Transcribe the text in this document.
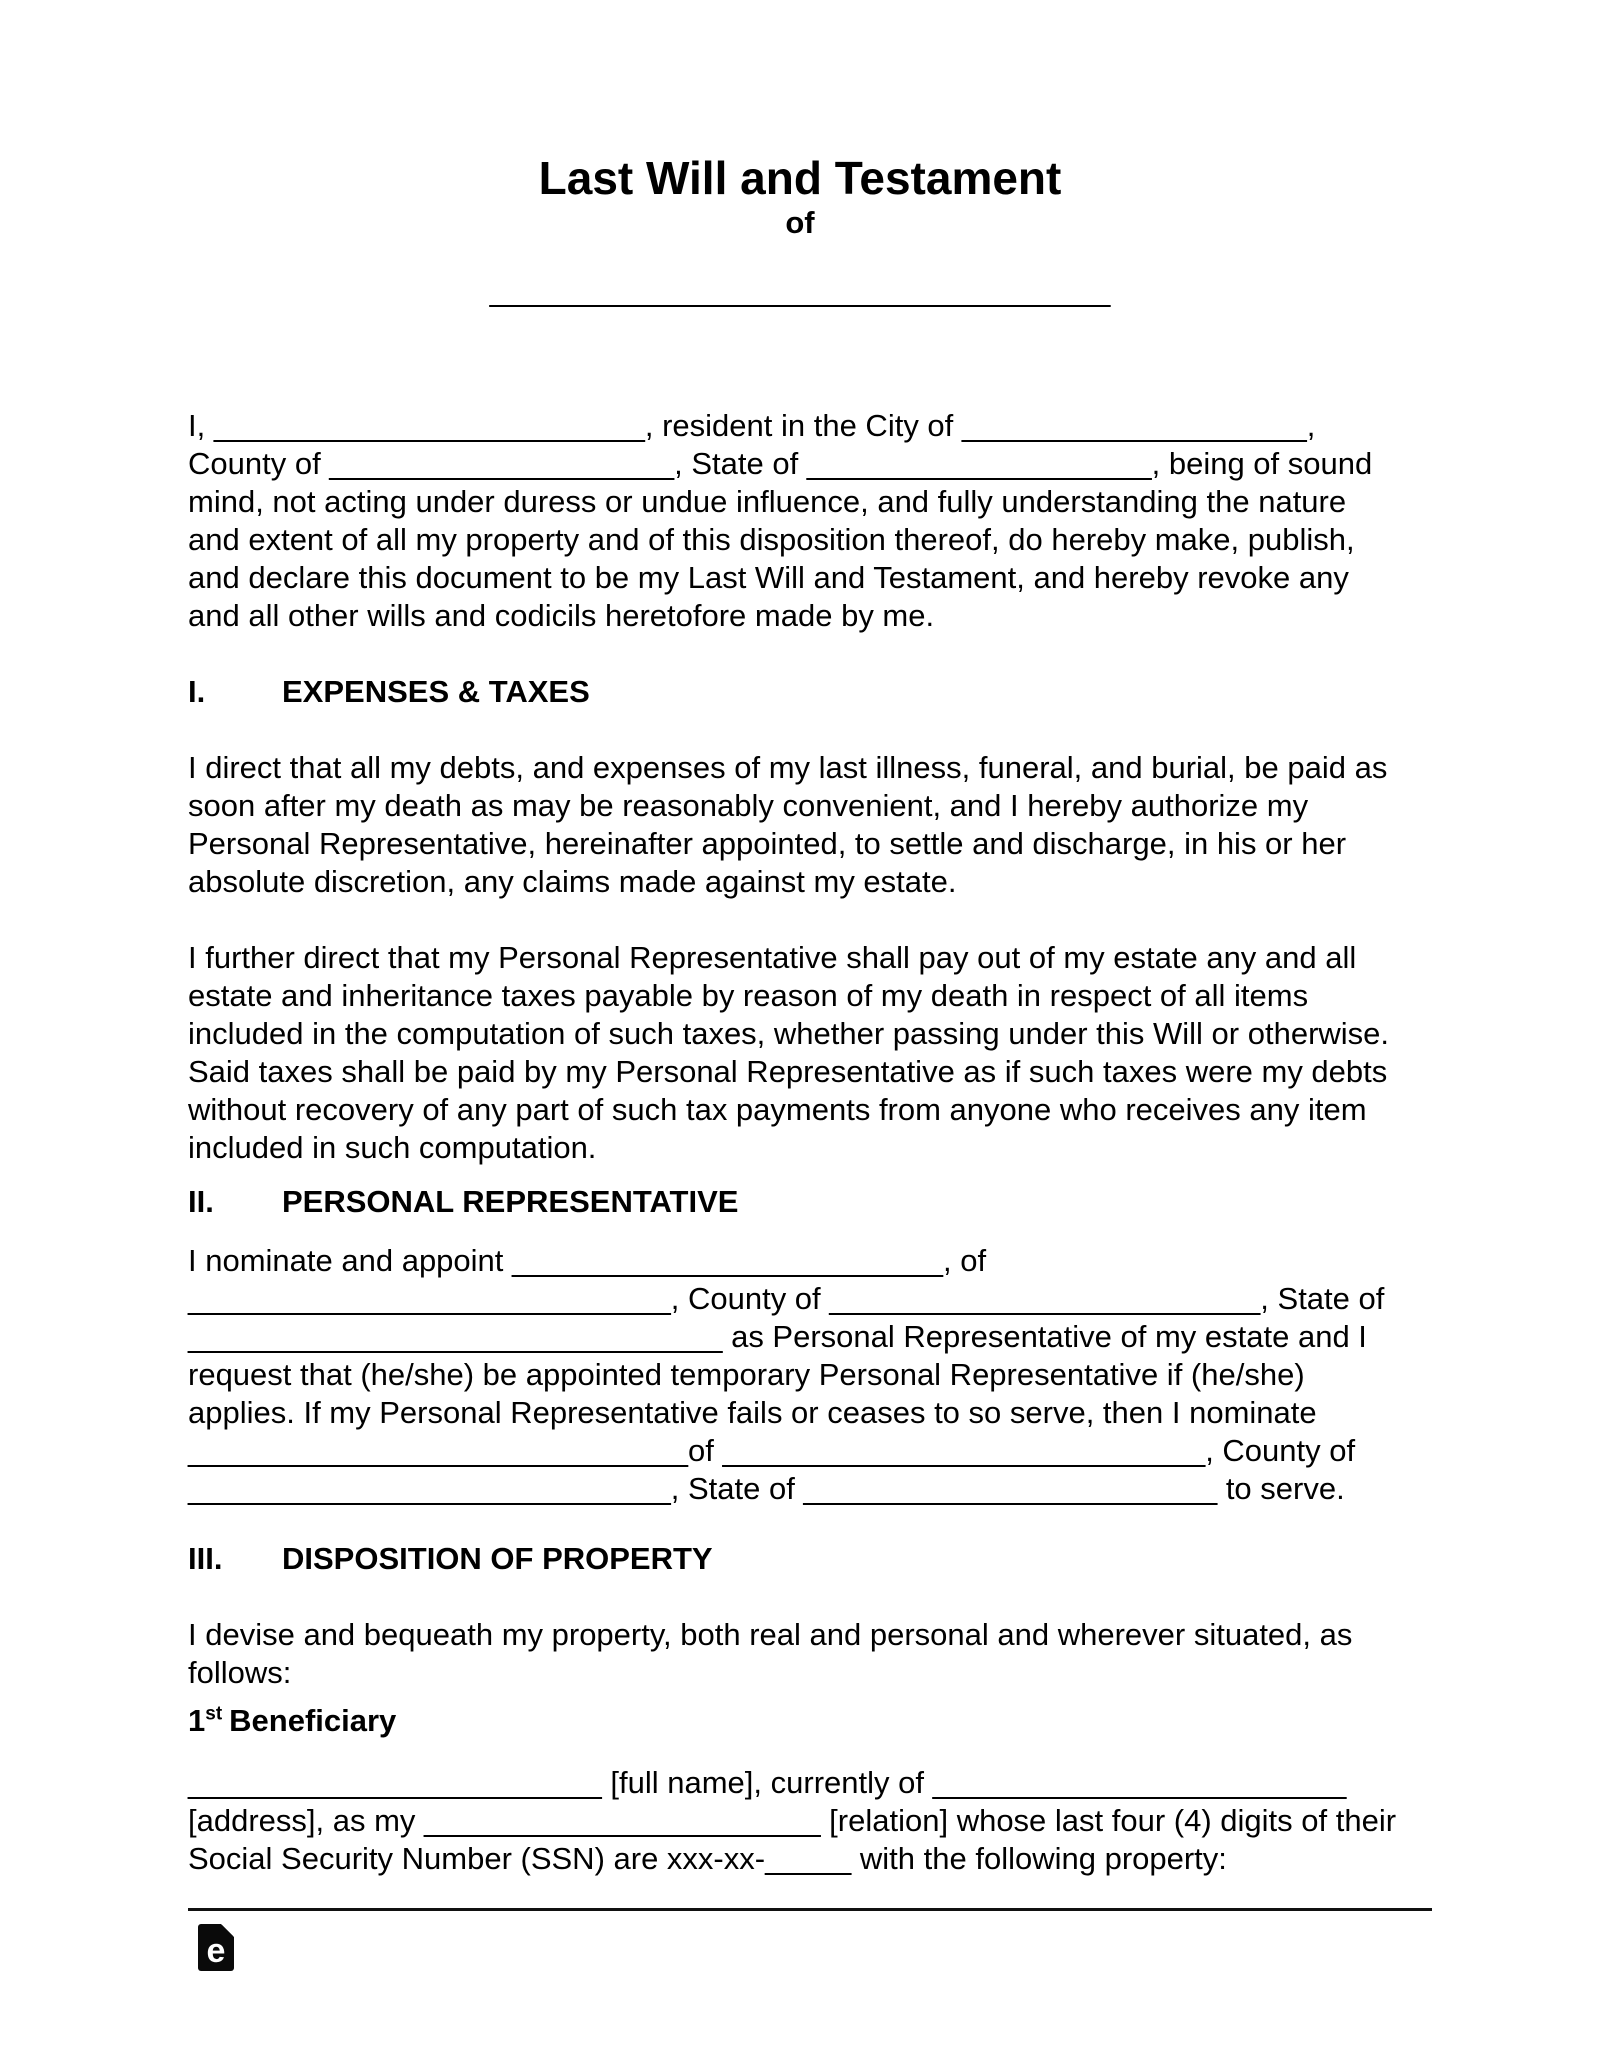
Last Will and Testament
of
____________________________________
I, _________________________, resident in the City of ____________________,
County of ____________________, State of ____________________, being of sound
mind, not acting under duress or undue influence, and fully understanding the nature
and extent of all my property and of this disposition thereof, do hereby make, publish,
and declare this document to be my Last Will and Testament, and hereby revoke any
and all other wills and codicils heretofore made by me.
I. EXPENSES & TAXES
I direct that all my debts, and expenses of my last illness, funeral, and burial, be paid as
soon after my death as may be reasonably convenient, and I hereby authorize my
Personal Representative, hereinafter appointed, to settle and discharge, in his or her
absolute discretion, any claims made against my estate.
I further direct that my Personal Representative shall pay out of my estate any and all
estate and inheritance taxes payable by reason of my death in respect of all items
included in the computation of such taxes, whether passing under this Will or otherwise.
Said taxes shall be paid by my Personal Representative as if such taxes were my debts
without recovery of any part of such tax payments from anyone who receives any item
included in such computation.
II. PERSONAL REPRESENTATIVE
I nominate and appoint _________________________, of
____________________________, County of _________________________, State of
_______________________________ as Personal Representative of my estate and I
request that (he/she) be appointed temporary Personal Representative if (he/she)
applies. If my Personal Representative fails or ceases to so serve, then I nominate
_____________________________of ____________________________, County of
____________________________, State of ________________________ to serve.
III. DISPOSITION OF PROPERTY
I devise and bequeath my property, both real and personal and wherever situated, as
follows:
1st Beneficiary
________________________ [full name], currently of ________________________
[address], as my _______________________ [relation] whose last four (4) digits of their
Social Security Number (SSN) are xxx-xx-_____ with the following property:
e
